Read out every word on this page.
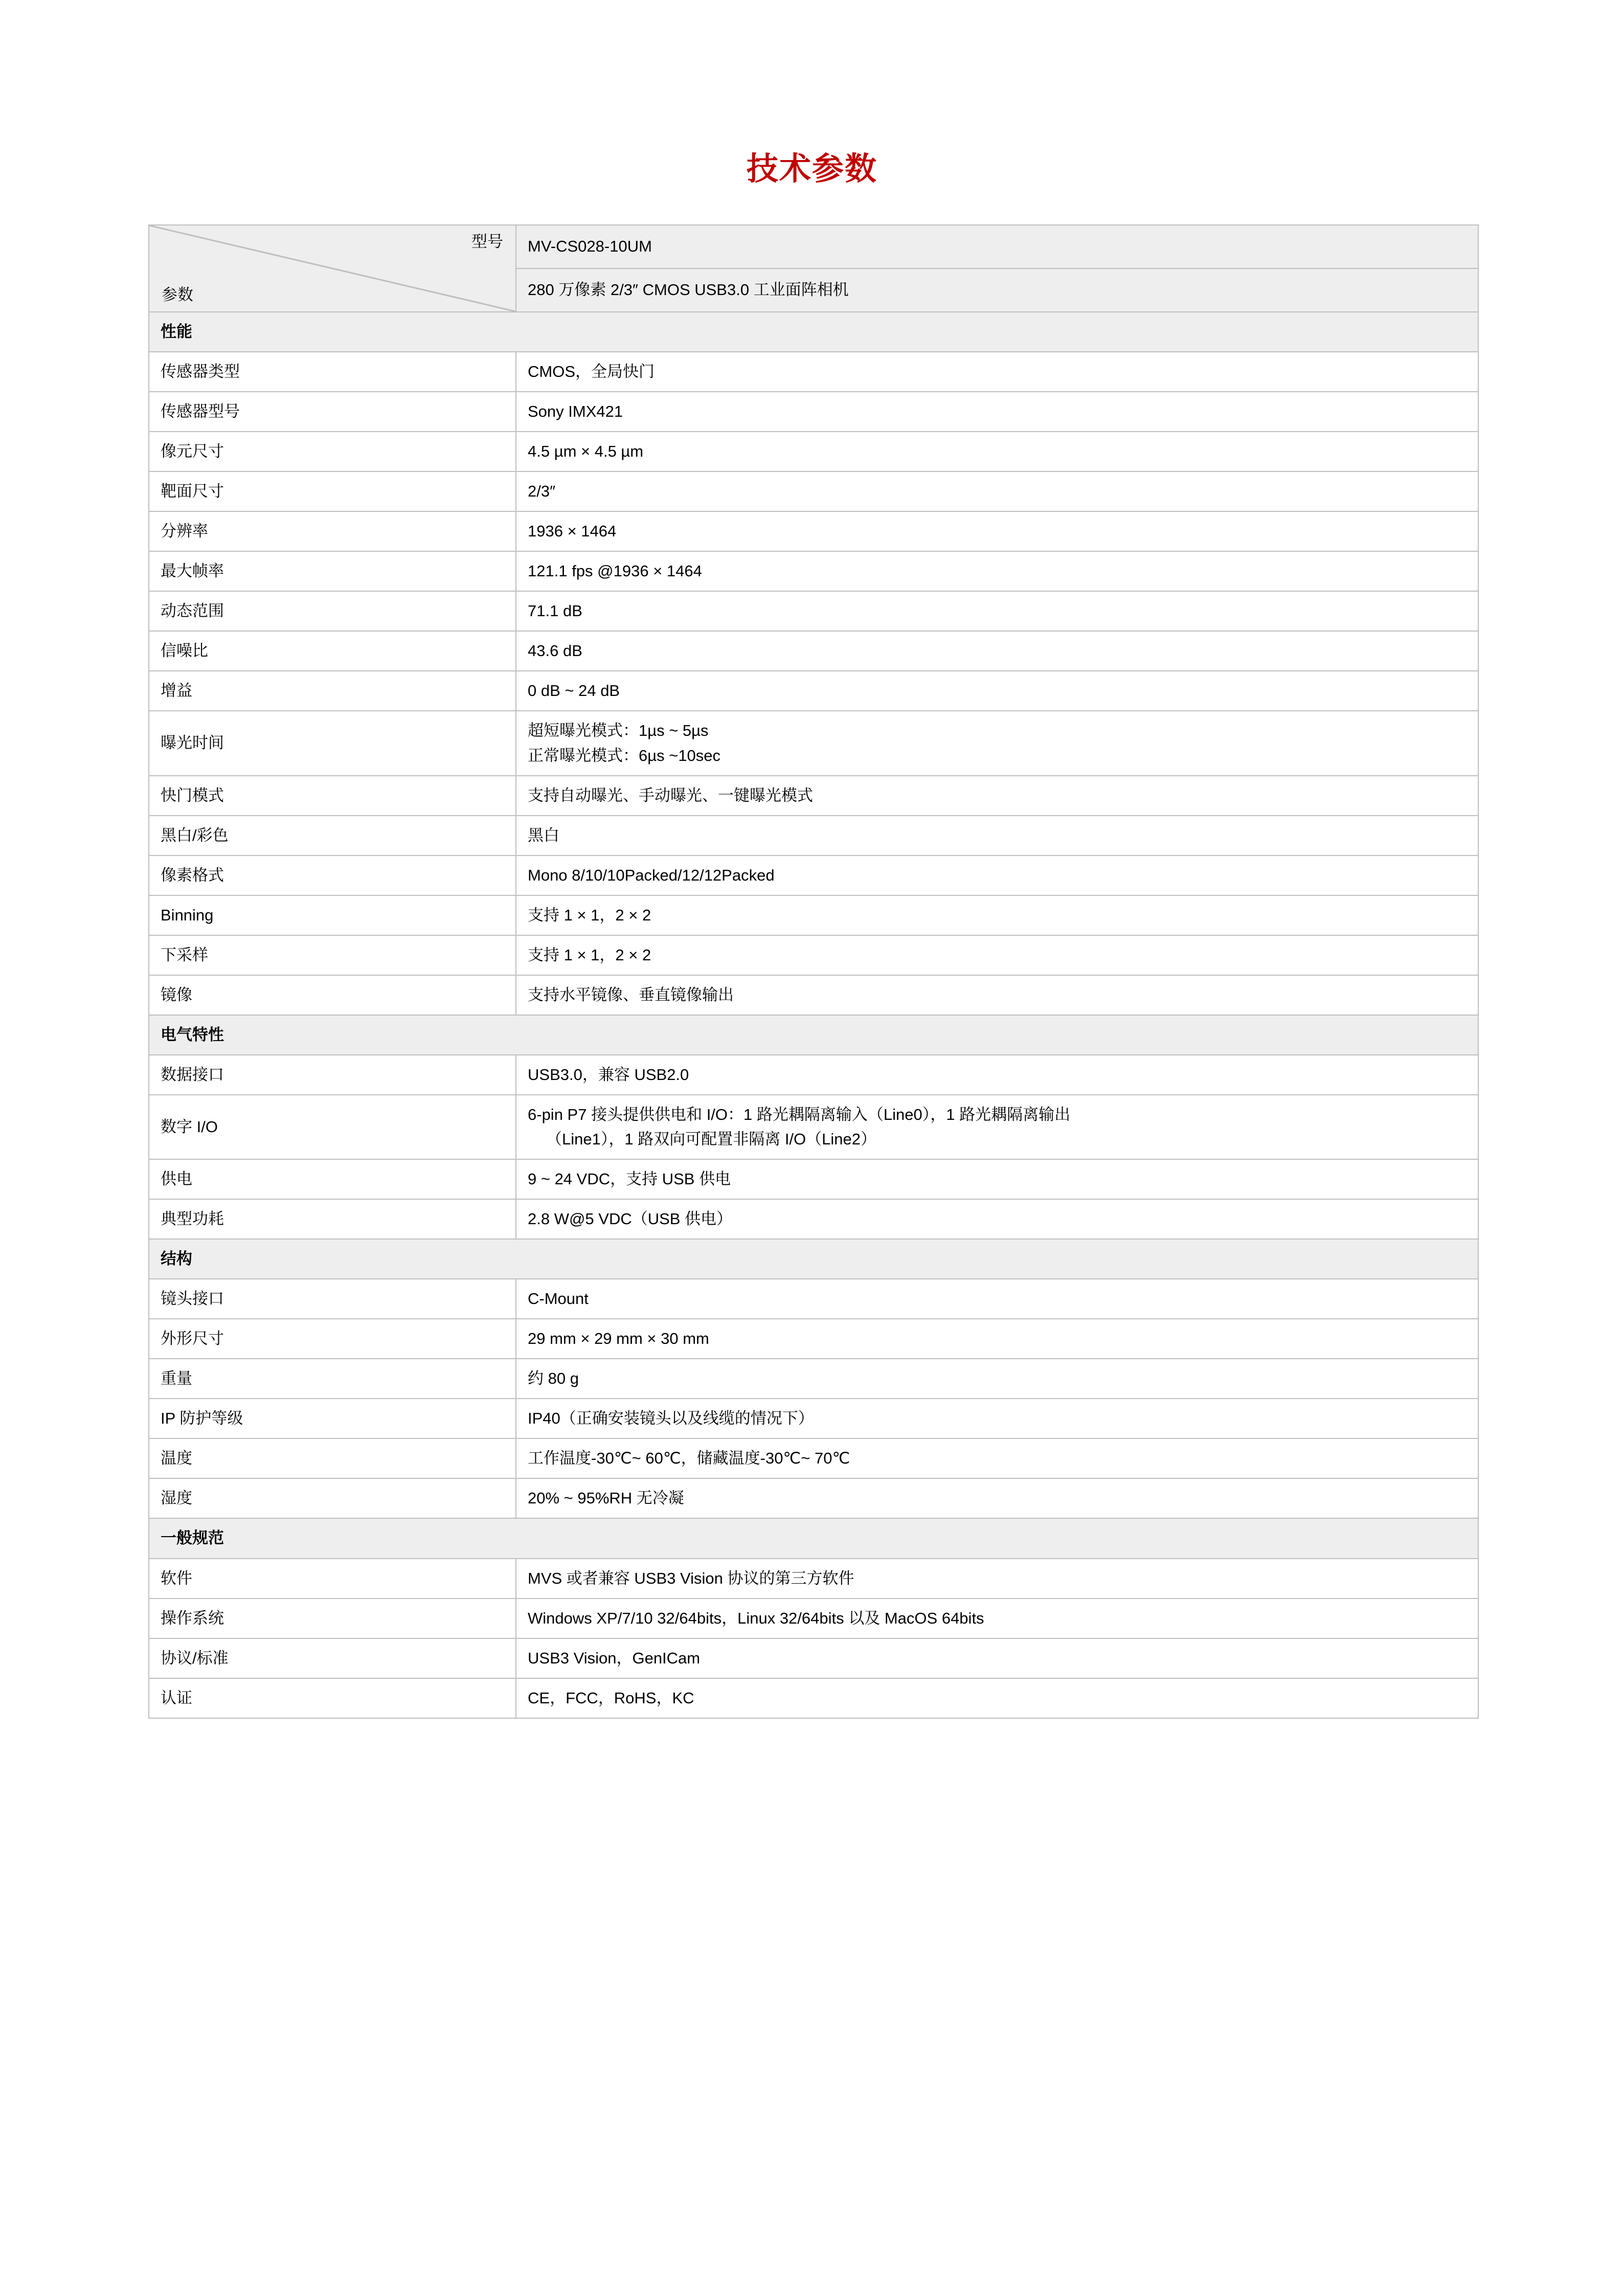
技术参数
型号
参数	MV-CS028-10UM
	280 万像素 2/3″ CMOS USB3.0 工业面阵相机
性能	
传感器类型	CMOS，全局快门
传感器型号	Sony IMX421
像元尺寸	4.5 µm × 4.5 µm
靶面尺寸	2/3″
分辨率	1936 × 1464
最大帧率	121.1 fps @1936 × 1464
动态范围	71.1 dB
信噪比	43.6 dB
增益	0 dB ~ 24 dB
曝光时间	超短曝光模式：1µs ~ 5µs
正常曝光模式：6µs ~10sec

快门模式	支持自动曝光、手动曝光、一键曝光模式
黑白/彩色	黑白
像素格式	Mono 8/10/10Packed/12/12Packed
Binning	支持 1 × 1，2 × 2
下采样	支持 1 × 1，2 × 2
镜像	支持水平镜像、垂直镜像输出
电气特性	
数据接口	USB3.0，兼容 USB2.0
数字 I/O	6-pin P7 接头提供供电和 I/O：1 路光耦隔离输入（Line0），1 路光耦隔离输出
（Line1），1 路双向可配置非隔离 I/O（Line2）

供电	9 ~ 24 VDC，支持 USB 供电
典型功耗	2.8 W@5 VDC（USB 供电）
结构	
镜头接口	C-Mount
外形尺寸	29 mm × 29 mm × 30 mm
重量	约 80 g
IP 防护等级	IP40（正确安装镜头以及线缆的情况下）
温度	工作温度-30℃~ 60℃，储藏温度-30℃~ 70℃
湿度	20% ~ 95%RH 无冷凝
一般规范	
软件	MVS 或者兼容 USB3 Vision 协议的第三方软件
操作系统	Windows XP/7/10 32/64bits，Linux 32/64bits 以及 MacOS 64bits
协议/标准	USB3 Vision，GenICam
认证	CE，FCC，RoHS，KC
